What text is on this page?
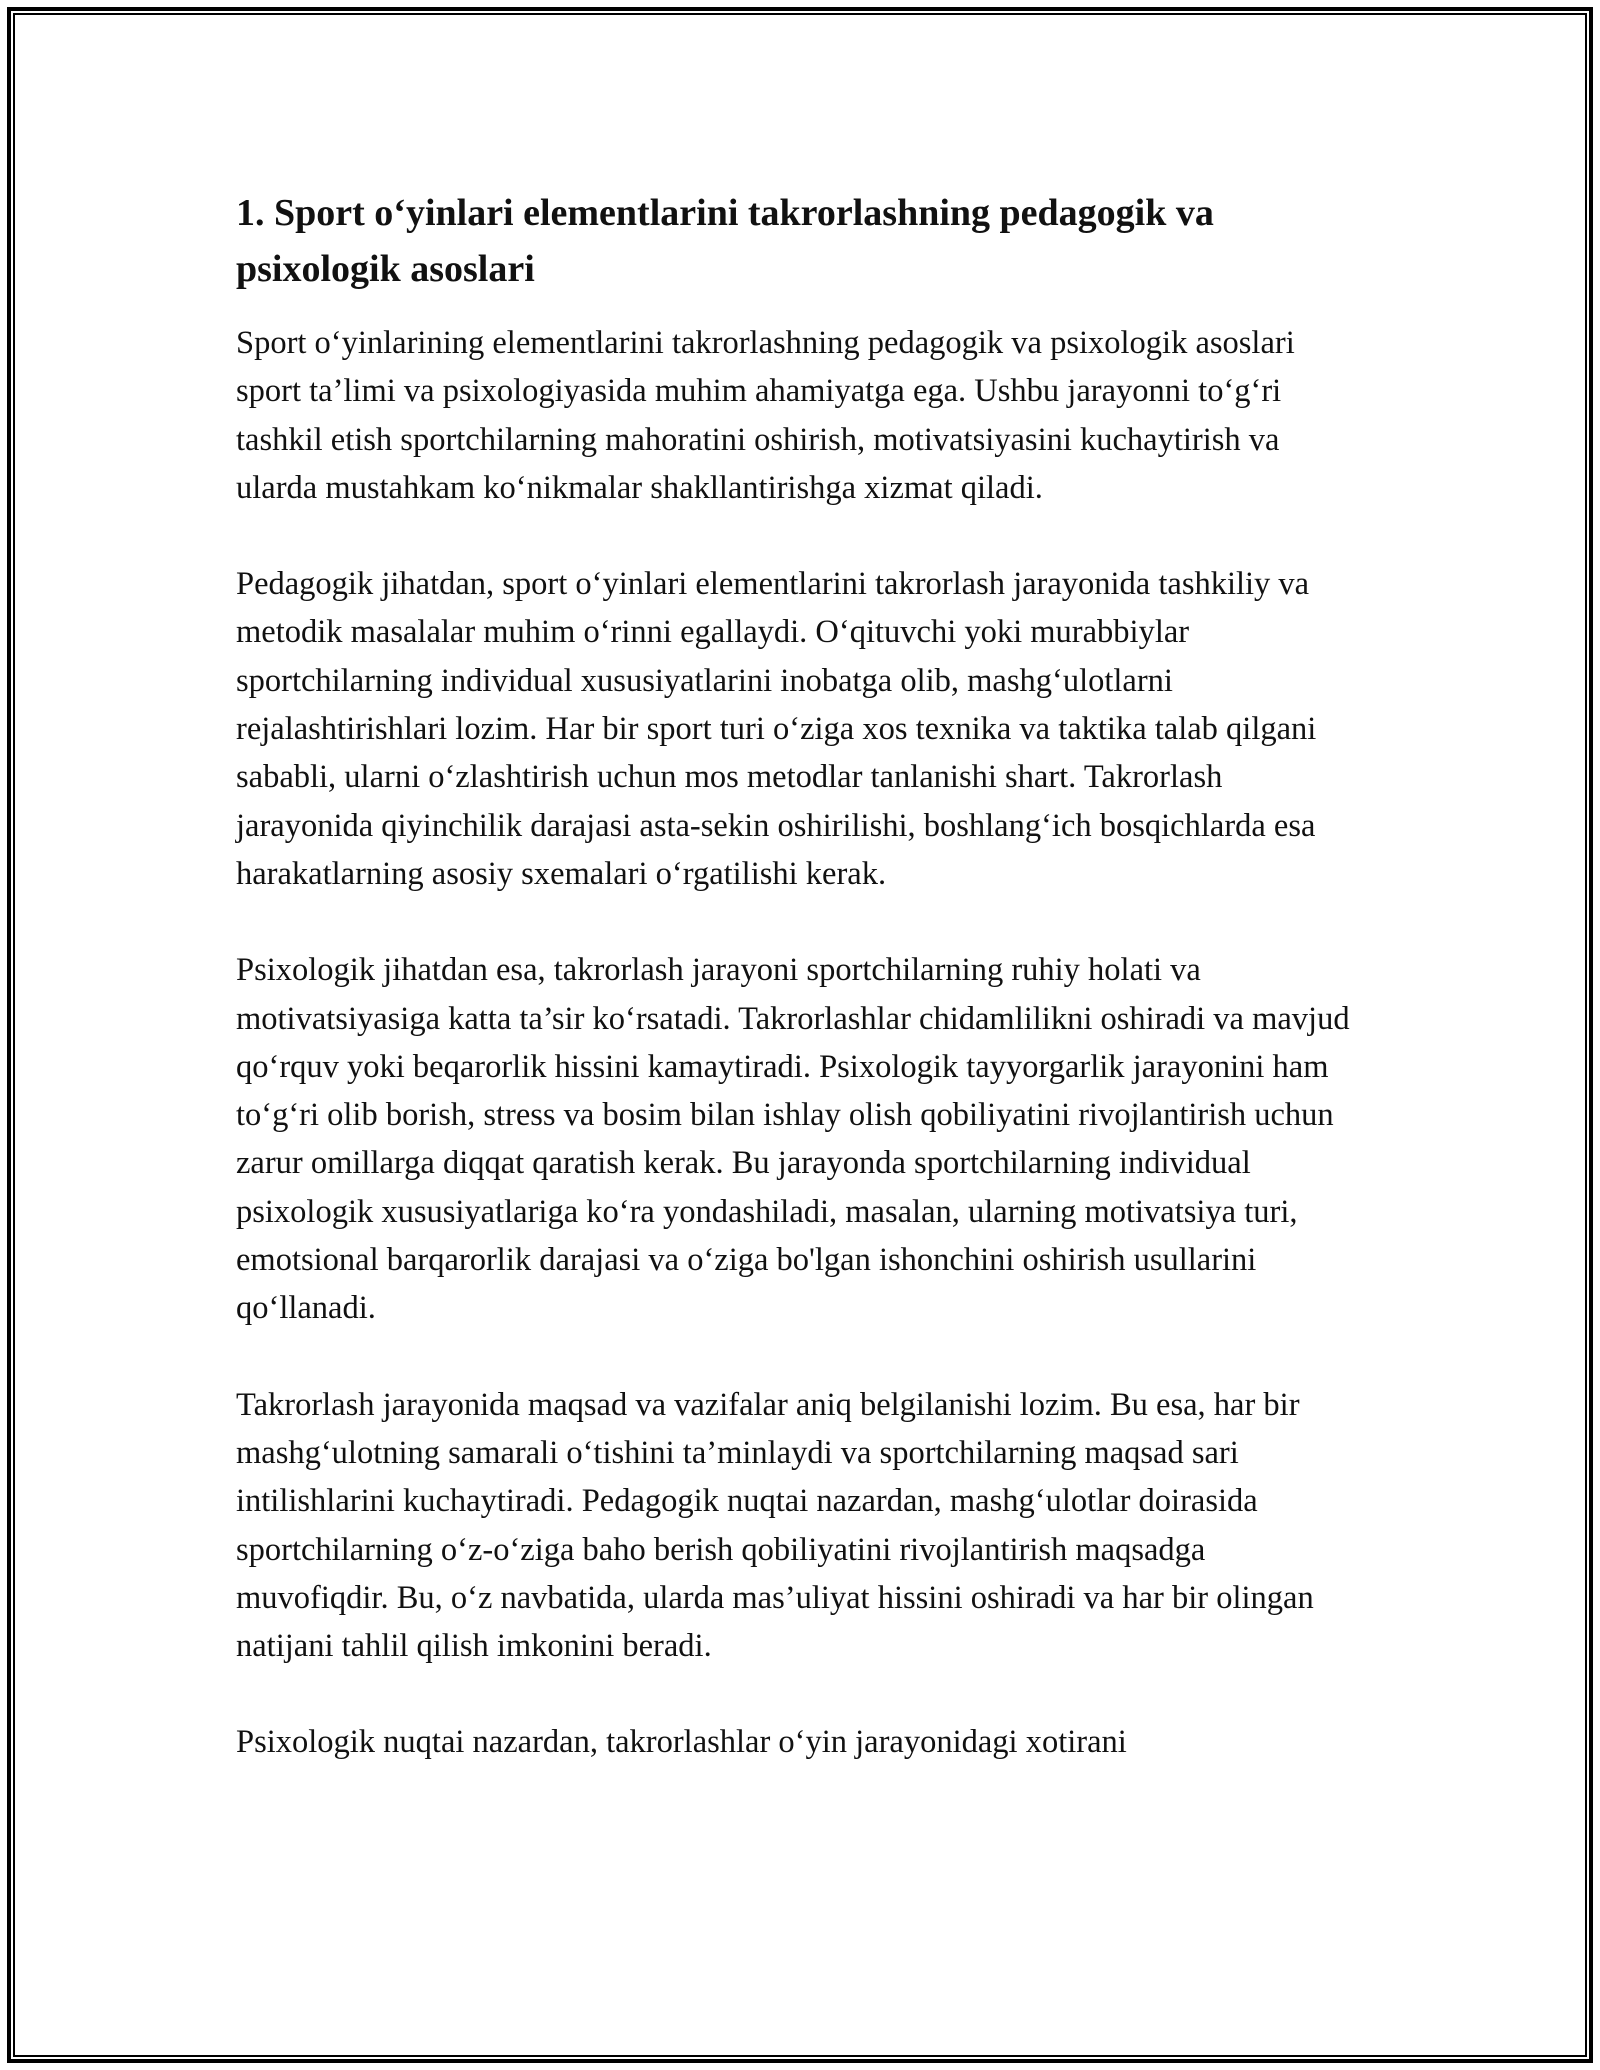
1. Sport o‘yinlari elementlarini takrorlashning pedagogik va psixologik asoslari

Sport o‘yinlarining elementlarini takrorlashning pedagogik va psixologik asoslari sport ta’limi va psixologiyasida muhim ahamiyatga ega. Ushbu jarayonni to‘g‘ri tashkil etish sportchilarning mahoratini oshirish, motivatsiyasini kuchaytirish va ularda mustahkam ko‘nikmalar shakllantirishga xizmat qiladi.

Pedagogik jihatdan, sport o‘yinlari elementlarini takrorlash jarayonida tashkiliy va metodik masalalar muhim o‘rinni egallaydi. O‘qituvchi yoki murabbiylar sportchilarning individual xususiyatlarini inobatga olib, mashg‘ulotlarni rejalashtirishlari lozim. Har bir sport turi o‘ziga xos texnika va taktika talab qilgani sababli, ularni o‘zlashtirish uchun mos metodlar tanlanishi shart. Takrorlash jarayonida qiyinchilik darajasi asta-sekin oshirilishi, boshlang‘ich bosqichlarda esa harakatlarning asosiy sxemalari o‘rgatilishi kerak.

Psixologik jihatdan esa, takrorlash jarayoni sportchilarning ruhiy holati va motivatsiyasiga katta ta’sir ko‘rsatadi. Takrorlashlar chidamlilikni oshiradi va mavjud qo‘rquv yoki beqarorlik hissini kamaytiradi. Psixologik tayyorgarlik jarayonini ham to‘g‘ri olib borish, stress va bosim bilan ishlay olish qobiliyatini rivojlantirish uchun zarur omillarga diqqat qaratish kerak. Bu jarayonda sportchilarning individual psixologik xususiyatlariga ko‘ra yondashiladi, masalan, ularning motivatsiya turi, emotsional barqarorlik darajasi va o‘ziga bo'lgan ishonchini oshirish usullarini qo‘llanadi.

Takrorlash jarayonida maqsad va vazifalar aniq belgilanishi lozim. Bu esa, har bir mashg‘ulotning samarali o‘tishini ta’minlaydi va sportchilarning maqsad sari intilishlarini kuchaytiradi. Pedagogik nuqtai nazardan, mashg‘ulotlar doirasida sportchilarning o‘z-o‘ziga baho berish qobiliyatini rivojlantirish maqsadga muvofiqdir. Bu, o‘z navbatida, ularda mas’uliyat hissini oshiradi va har bir olingan natijani tahlil qilish imkonini beradi.

Psixologik nuqtai nazardan, takrorlashlar o‘yin jarayonidagi xotirani
